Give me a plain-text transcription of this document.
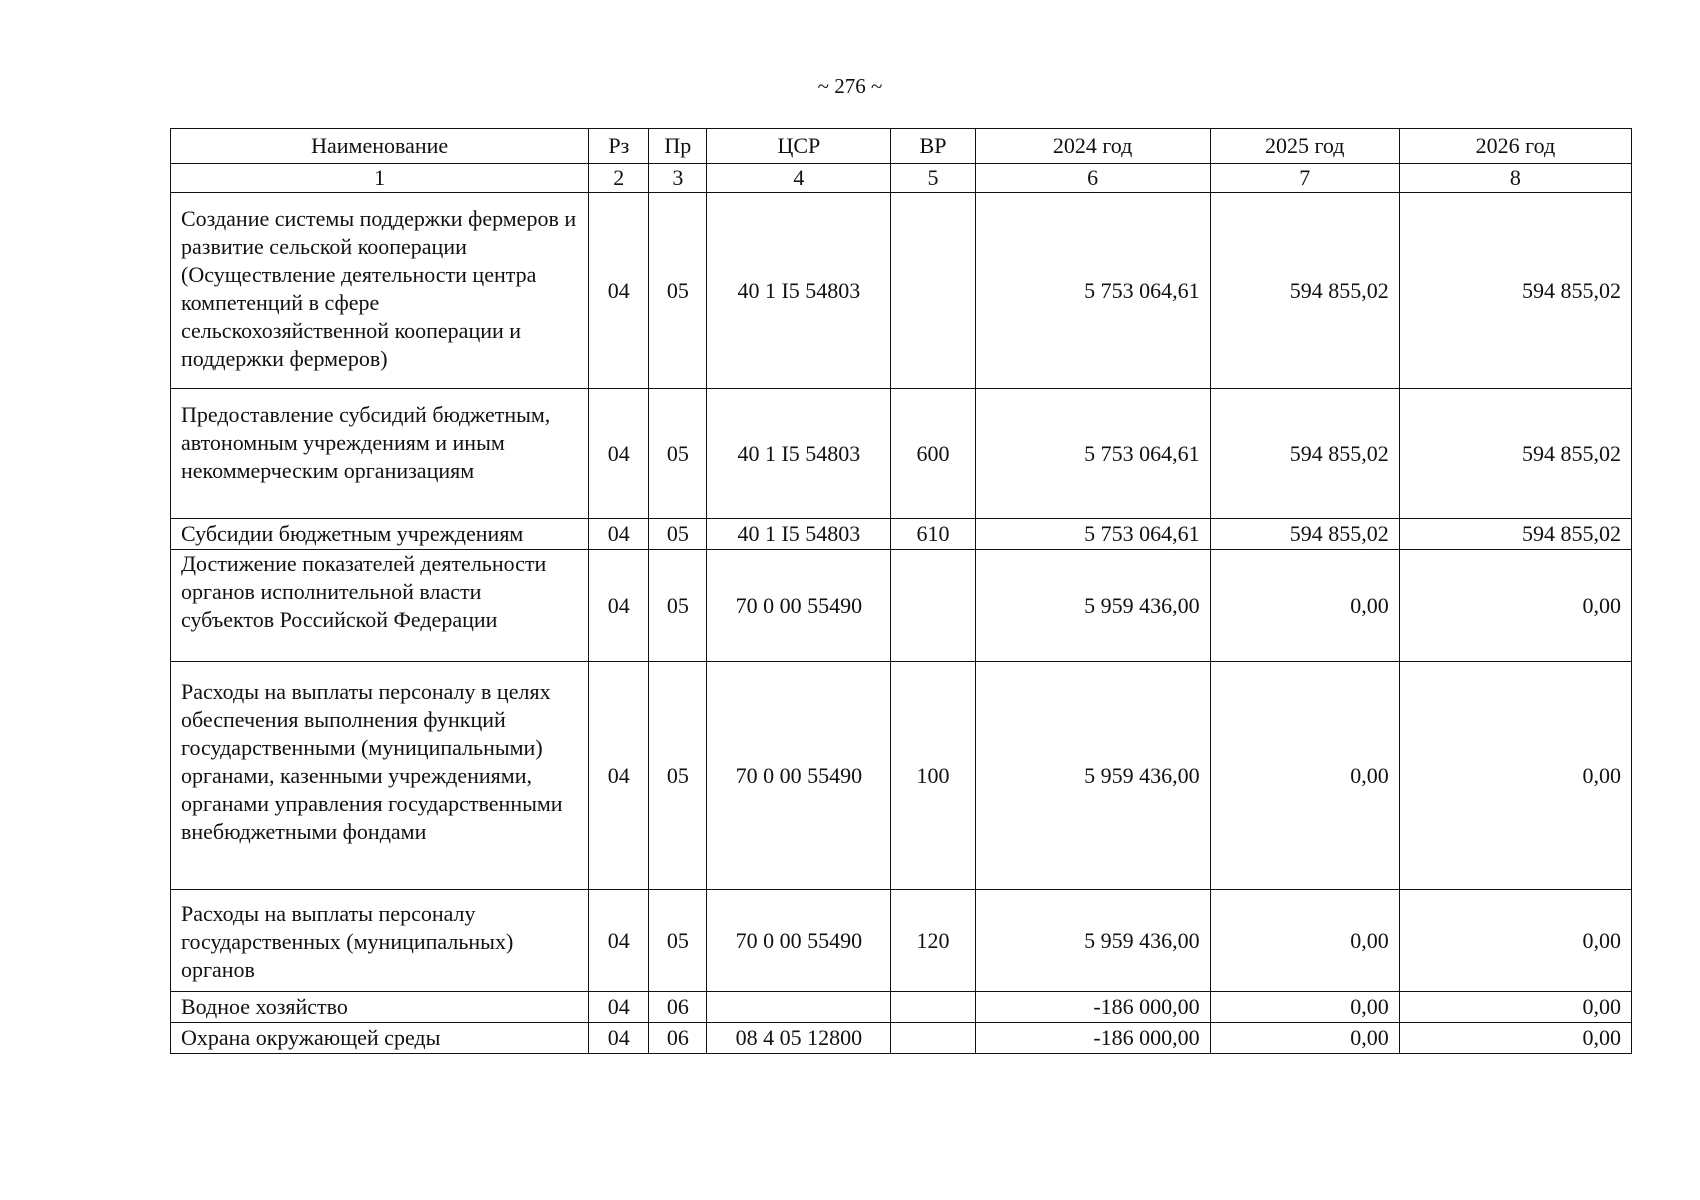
~ 276 ~
Наименование	Рз	Пр	ЦСР	ВР	2024 год	2025 год	2026 год
1	2	3	4	5	6	7	8
Создание системы поддержки фермеров и развитие сельской кооперации (Осуществление деятельности центра компетенций в сфере сельскохозяйственной кооперации и поддержки фермеров)	04	05	40 1 I5 54803		5 753 064,61	594 855,02	594 855,02
Предоставление субсидий бюджетным, автономным учреждениям и иным некоммерческим организациям	04	05	40 1 I5 54803	600	5 753 064,61	594 855,02	594 855,02
Субсидии бюджетным учреждениям	04	05	40 1 I5 54803	610	5 753 064,61	594 855,02	594 855,02
Достижение показателей деятельности органов исполнительной власти субъектов Российской Федерации	04	05	70 0 00 55490		5 959 436,00	0,00	0,00
Расходы на выплаты персоналу в целях обеспечения выполнения функций государственными (муниципальными) органами, казенными учреждениями, органами управления государственными внебюджетными фондами	04	05	70 0 00 55490	100	5 959 436,00	0,00	0,00
Расходы на выплаты персоналу государственных (муниципальных) органов	04	05	70 0 00 55490	120	5 959 436,00	0,00	0,00
Водное хозяйство	04	06			-186 000,00	0,00	0,00
Охрана окружающей среды	04	06	08 4 05 12800		-186 000,00	0,00	0,00
